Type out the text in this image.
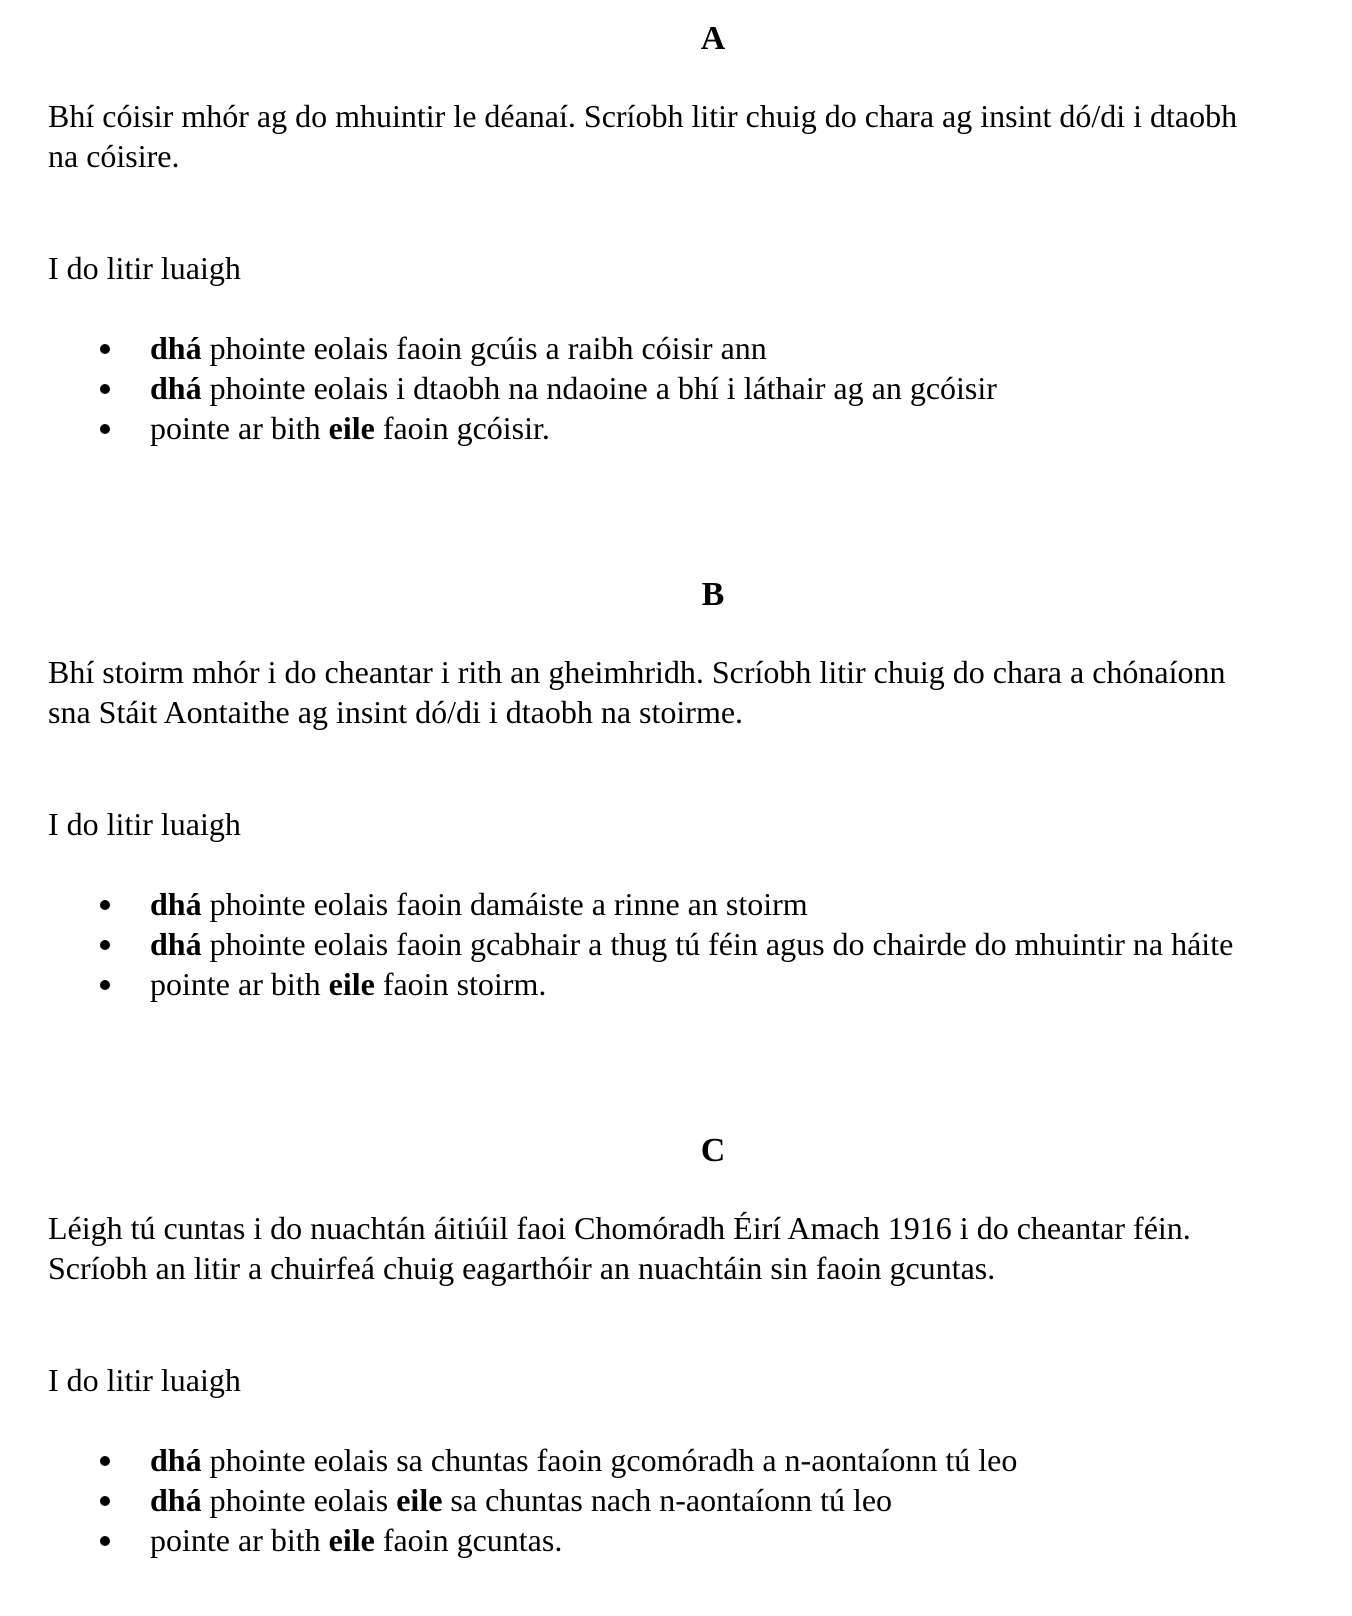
A

Bhí cóisir mhór ag do mhuintir le déanaí. Scríobh litir chuig do chara ag insint dó/di i dtaobh
na cóisire.

I do litir luaigh

dhá phointe eolais faoin gcúis a raibh cóisir ann
dhá phointe eolais i dtaobh na ndaoine a bhí i láthair ag an gcóisir
pointe ar bith eile faoin gcóisir.
B

Bhí stoirm mhór i do cheantar i rith an gheimhridh. Scríobh litir chuig do chara a chónaíonn
sna Stáit Aontaithe ag insint dó/di i dtaobh na stoirme.

I do litir luaigh

dhá phointe eolais faoin damáiste a rinne an stoirm
dhá phointe eolais faoin gcabhair a thug tú féin agus do chairde do mhuintir na háite
pointe ar bith eile faoin stoirm.
C

Léigh tú cuntas i do nuachtán áitiúil faoi Chomóradh Éirí Amach 1916 i do cheantar féin.
Scríobh an litir a chuirfeá chuig eagarthóir an nuachtáin sin faoin gcuntas.

I do litir luaigh

dhá phointe eolais sa chuntas faoin gcomóradh a n-aontaíonn tú leo
dhá phointe eolais eile sa chuntas nach n-aontaíonn tú leo
pointe ar bith eile faoin gcuntas.
